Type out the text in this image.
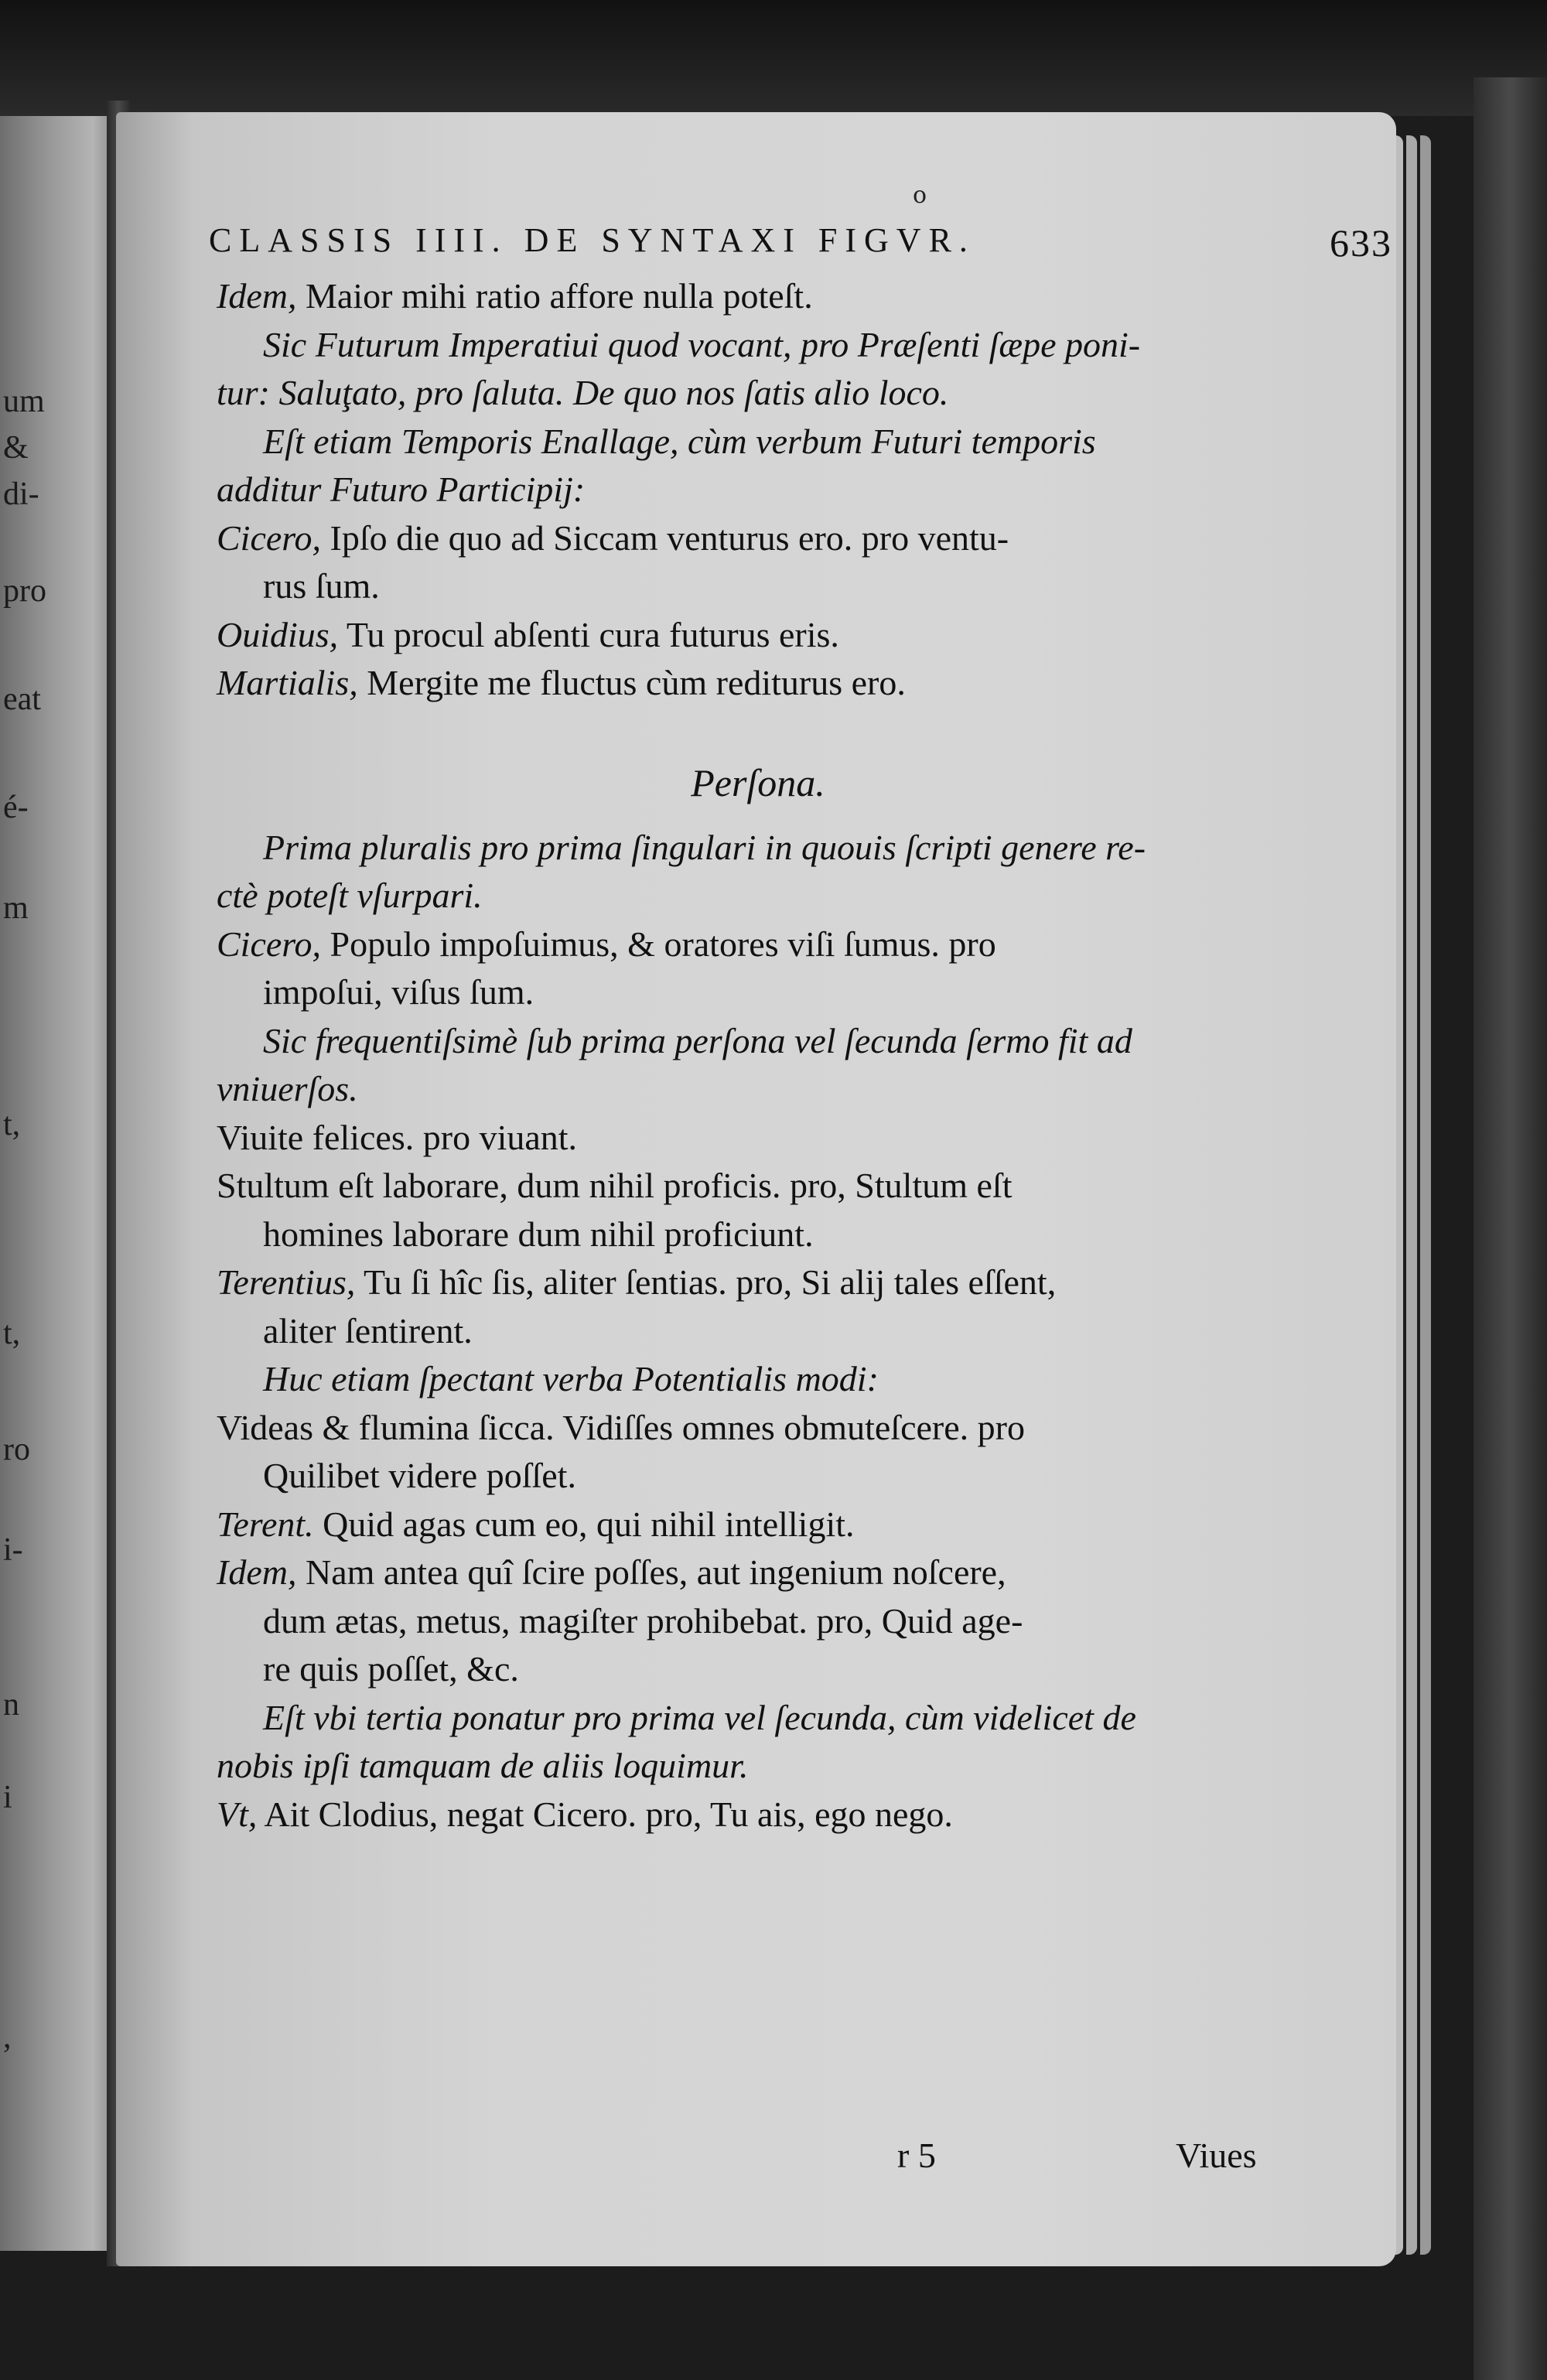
um
&
di-
pro
eat
é-
m
t,
t,
ro
i-
n
i
,
o
CLASSIS IIII. DE SYNTAXI FIGVR.	633
Idem, Maior mihi ratio affore nulla poteſt.
Sic Futurum Imperatiui quod vocant, pro Præſenti ſæpe poni-
tur: Saluţato, pro ſaluta. De quo nos ſatis alio loco.
Eſt etiam Temporis Enallage, cùm verbum Futuri temporis
additur Futuro Participij:
Cicero, Ipſo die quo ad Siccam venturus ero. pro ventu-
rus ſum.
Ouidius, Tu procul abſenti cura futurus eris.
Martialis, Mergite me fluctus cùm rediturus ero.
Perſona.
Prima pluralis pro prima ſingulari in quouis ſcripti genere re-
ctè poteſt vſurpari.
Cicero, Populo impoſuimus, & oratores viſi ſumus. pro
impoſui, viſus ſum.
Sic frequentiſsimè ſub prima perſona vel ſecunda ſermo fit ad
vniuerſos.
Viuite felices. pro viuant.
Stultum eſt laborare, dum nihil proficis. pro, Stultum eſt
homines laborare dum nihil proficiunt.
Terentius, Tu ſi hîc ſis, aliter ſentias. pro, Si alij tales eſſent,
aliter ſentirent.
Huc etiam ſpectant verba Potentialis modi:
Videas & flumina ſicca. Vidiſſes omnes obmuteſcere. pro
Quilibet videre poſſet.
Terent. Quid agas cum eo, qui nihil intelligit.
Idem, Nam antea quî ſcire poſſes, aut ingenium noſcere,
dum ætas, metus, magiſter prohibebat. pro, Quid age-
re quis poſſet, &c.
Eſt vbi tertia ponatur pro prima vel ſecunda, cùm videlicet de
nobis ipſi tamquam de aliis loquimur.
Vt, Ait Clodius, negat Cicero. pro, Tu ais, ego nego.
r 5	Viues
